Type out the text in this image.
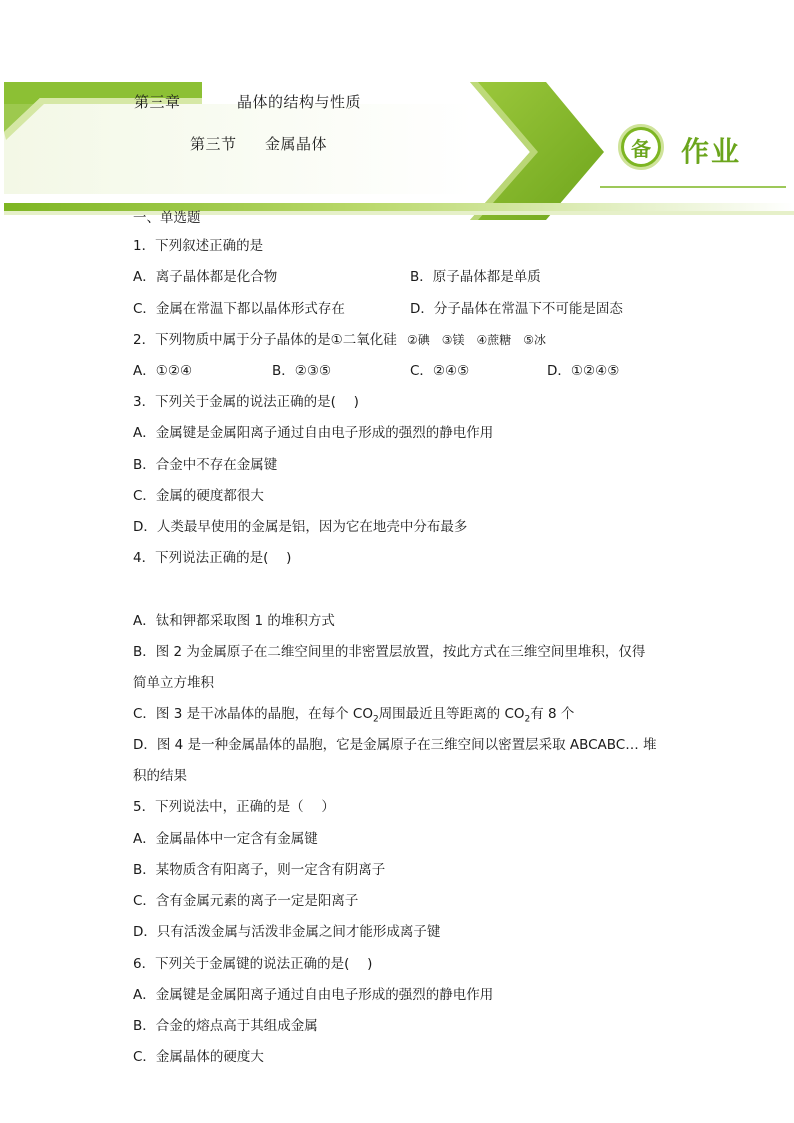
第三章	晶体的结构与性质
第三节 金属晶体	备 作业
一、单选题
1．下列叙述正确的是
A．离子晶体都是化合物	B．原子晶体都是单质
C．金属在常温下都以晶体形式存在	D．分子晶体在常温下不可能是固态
2．下列物质中属于分子晶体的是①二氧化硅 ②碘　③镁　④蔗糖　⑤冰
A．①②④	B．②③⑤	C．②④⑤	D．①②④⑤
3．下列关于金属的说法正确的是(　 )
A．金属键是金属阳离子通过自由电子形成的强烈的静电作用
B．合金中不存在金属键
C．金属的硬度都很大
D．人类最早使用的金属是铝，因为它在地壳中分布最多
4．下列说法正确的是(　 )
A．钛和钾都采取图 1 的堆积方式
B．图 2 为金属原子在二维空间里的非密置层放置，按此方式在三维空间里堆积，仅得
简单立方堆积
C．图 3 是干冰晶体的晶胞，在每个 $CO_2$周围最近且等距离的 $CO_2$有 8 个
D．图 4 是一种金属晶体的晶胞，它是金属原子在三维空间以密置层采取 ABCABC… 堆
积的结果
5．下列说法中，正确的是（　 ）
A．金属晶体中一定含有金属键
B．某物质含有阳离子，则一定含有阴离子
C．含有金属元素的离子一定是阳离子
D．只有活泼金属与活泼非金属之间才能形成离子键
6．下列关于金属键的说法正确的是(　 )
A．金属键是金属阳离子通过自由电子形成的强烈的静电作用
B．合金的熔点高于其组成金属
C．金属晶体的硬度大
